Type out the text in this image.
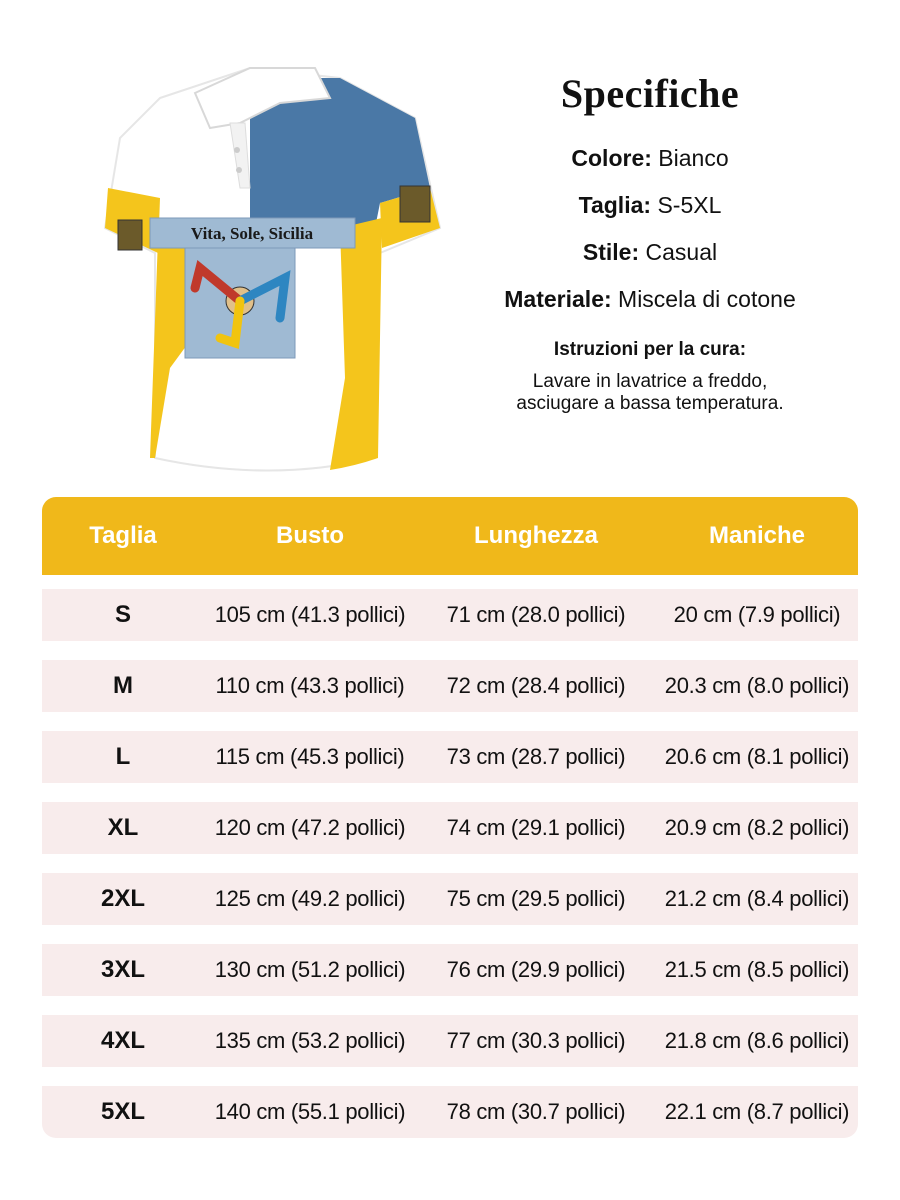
Vita, Sole, Sicilia
Specifiche
Colore: Bianco
Taglia: S-5XL
Stile: Casual
Materiale: Miscela di cotone
Istruzioni per la cura:
Lavare in lavatrice a freddo,
asciugare a bassa temperatura.
Taglia	Busto	Lunghezza	Maniche
S	105 cm (41.3 pollici)	71 cm (28.0 pollici)	20 cm (7.9 pollici)
M	110 cm (43.3 pollici)	72 cm (28.4 pollici)	20.3 cm (8.0 pollici)
L	115 cm (45.3 pollici)	73 cm (28.7 pollici)	20.6 cm (8.1 pollici)
XL	120 cm (47.2 pollici)	74 cm (29.1 pollici)	20.9 cm (8.2 pollici)
2XL	125 cm (49.2 pollici)	75 cm (29.5 pollici)	21.2 cm (8.4 pollici)
3XL	130 cm (51.2 pollici)	76 cm (29.9 pollici)	21.5 cm (8.5 pollici)
4XL	135 cm (53.2 pollici)	77 cm (30.3 pollici)	21.8 cm (8.6 pollici)
5XL	140 cm (55.1 pollici)	78 cm (30.7 pollici)	22.1 cm (8.7 pollici)
